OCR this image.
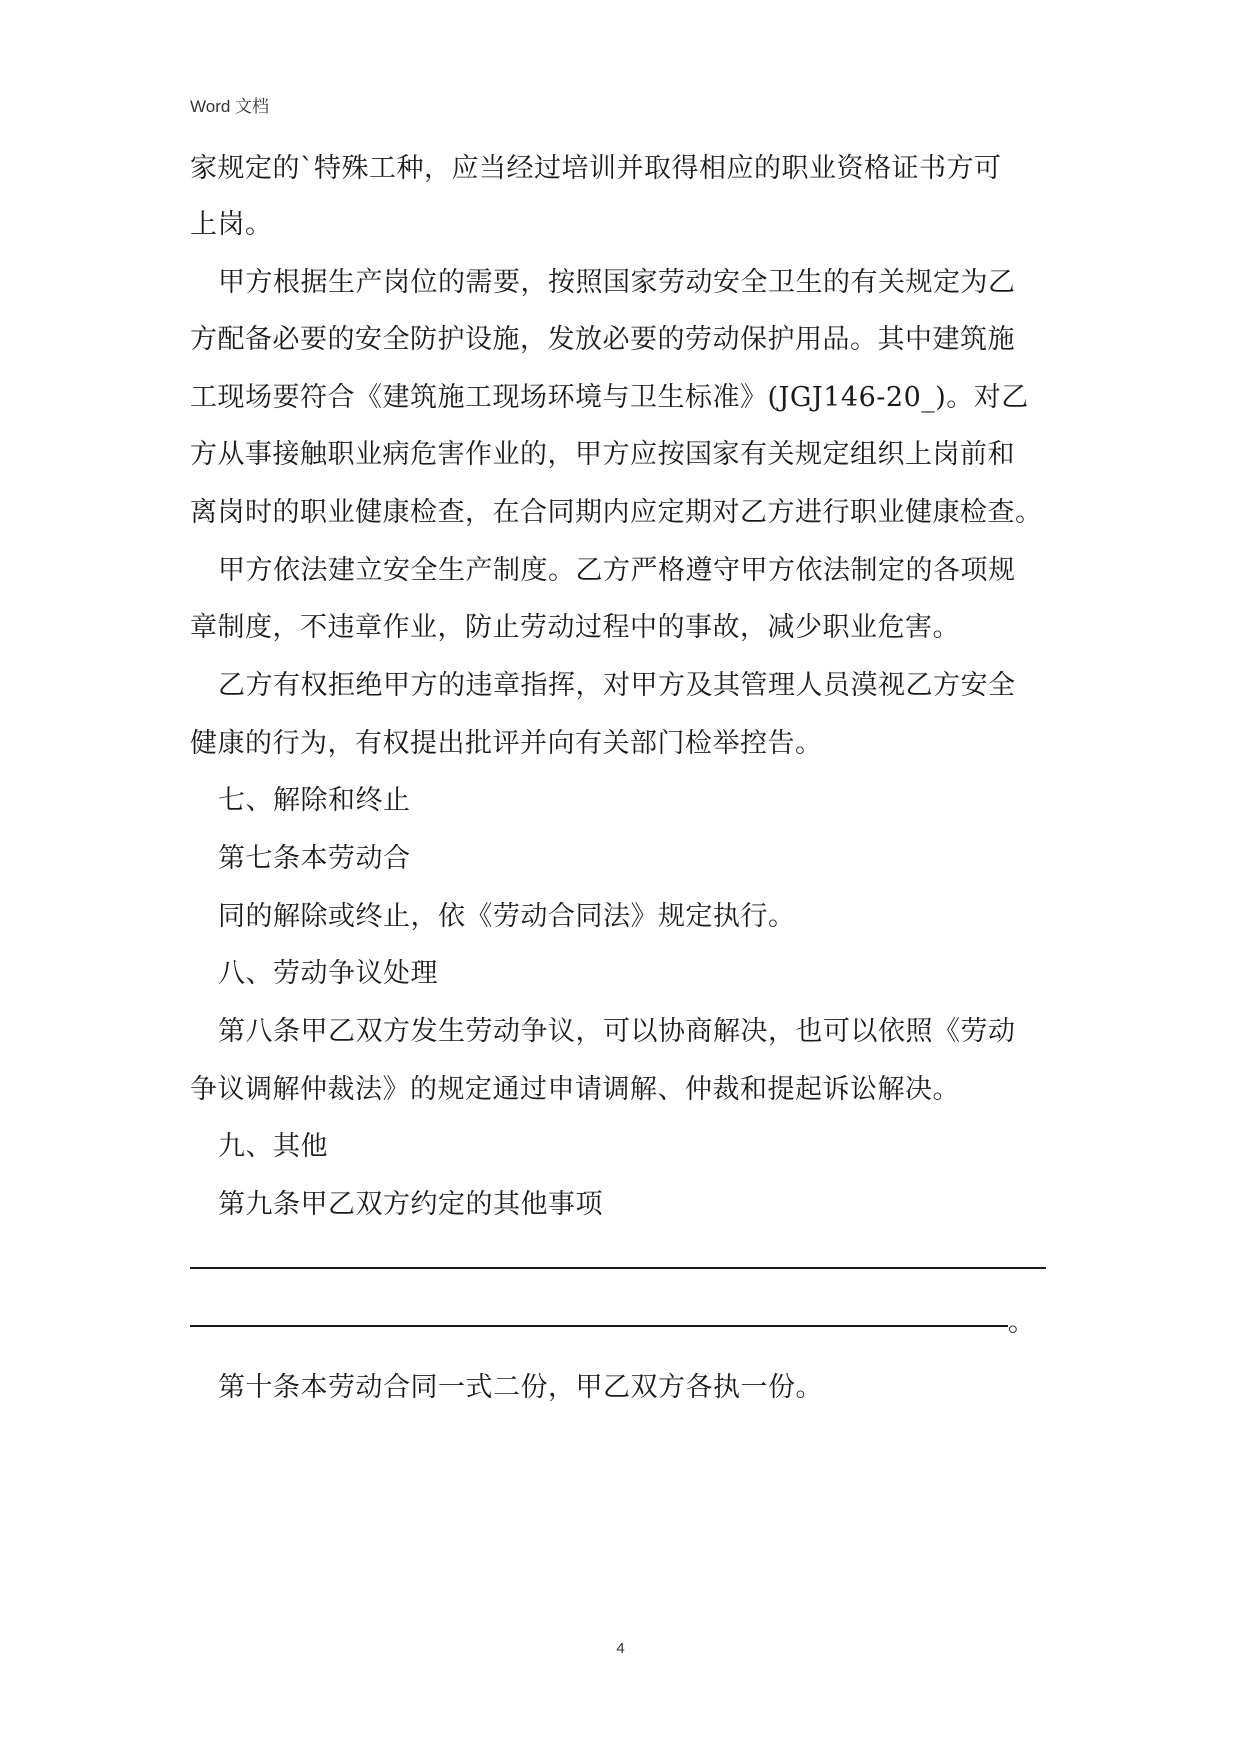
Word 文档
家规定的`特殊工种，应当经过培训并取得相应的职业资格证书方可
上岗。
甲方根据生产岗位的需要，按照国家劳动安全卫生的有关规定为乙
方配备必要的安全防护设施，发放必要的劳动保护用品。其中建筑施
工现场要符合《建筑施工现场环境与卫生标准》(JGJ146-20_)。对乙
方从事接触职业病危害作业的，甲方应按国家有关规定组织上岗前和
离岗时的职业健康检查，在合同期内应定期对乙方进行职业健康检查。
甲方依法建立安全生产制度。乙方严格遵守甲方依法制定的各项规
章制度，不违章作业，防止劳动过程中的事故，减少职业危害。
乙方有权拒绝甲方的违章指挥，对甲方及其管理人员漠视乙方安全
健康的行为，有权提出批评并向有关部门检举控告。
七、解除和终止
第七条本劳动合
同的解除或终止，依《劳动合同法》规定执行。
八、劳动争议处理
第八条甲乙双方发生劳动争议，可以协商解决，也可以依照《劳动
争议调解仲裁法》的规定通过申请调解、仲裁和提起诉讼解决。
九、其他
第九条甲乙双方约定的其他事项
。
第十条本劳动合同一式二份，甲乙双方各执一份。
4
